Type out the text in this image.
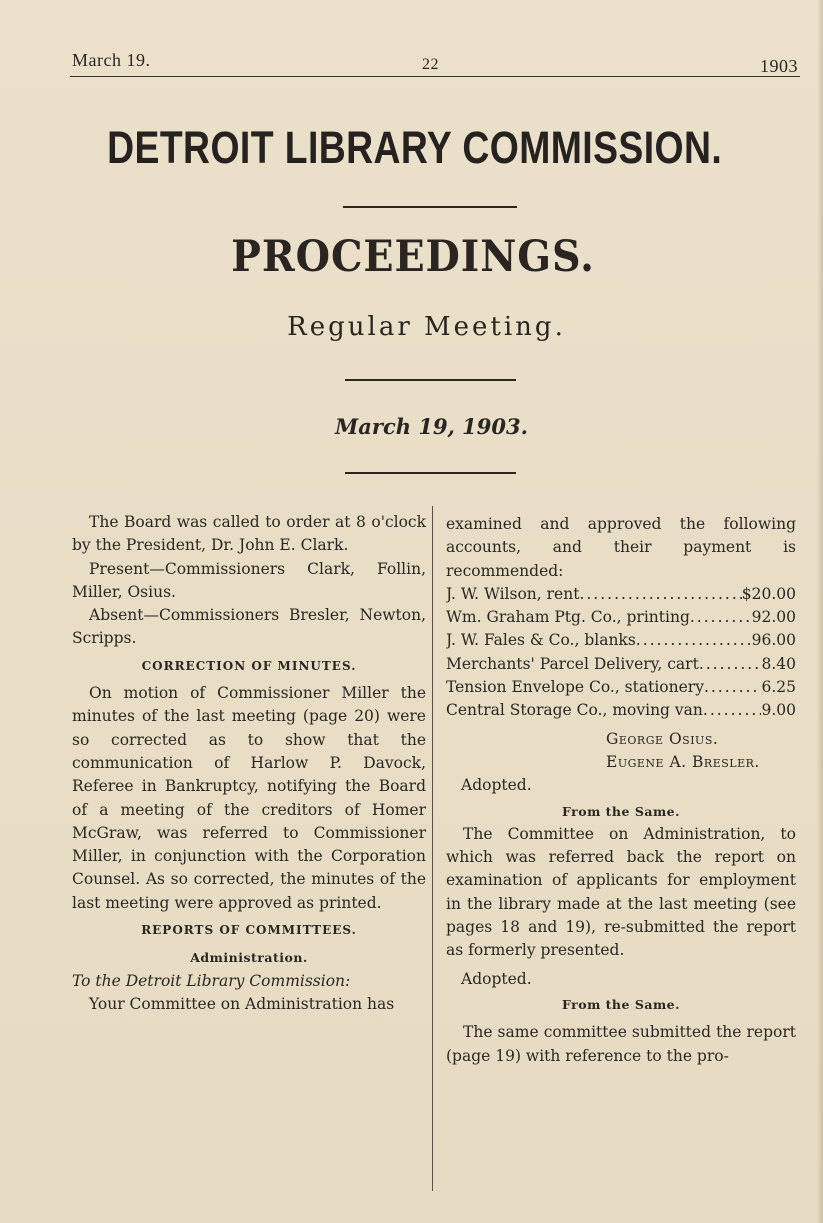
March 19.	22	1903
DETROIT LIBRARY COMMISSION.
PROCEEDINGS.
Regular Meeting.
March 19, 1903.

The Board was called to order at 8 o'clock by the President, Dr. John E. Clark.

Present—Commissioners Clark, Follin, Miller, Osius.

Absent—Commissioners Bresler, Newton, Scripps.

CORRECTION OF MINUTES.

On motion of Commissioner Miller the minutes of the last meeting (page 20) were so corrected as to show that the communication of Harlow P. Davock, Referee in Bankruptcy, notifying the Board of a meeting of the creditors of Homer McGraw, was referred to Commissioner Miller, in conjunction with the Corporation Counsel. As so corrected, the minutes of the last meeting were approved as printed.

REPORTS OF COMMITTEES.
Administration.

To the Detroit Library Commission:

Your Committee on Administration has

examined and approved the following accounts, and their payment is recommended:

J. W. Wilson, rent .....	$20.00
Wm. Graham Ptg. Co., printing .....	92.00
J. W. Fales & Co., blanks .....	96.00
Merchants' Parcel Delivery, cart .....	8.40
Tension Envelope Co., stationery .....	6.25
Central Storage Co., moving van .....	9.00
George Osius.
Eugene A. Bresler.
Adopted.
From the Same.

The Committee on Administration, to which was referred back the report on examination of applicants for employment in the library made at the last meeting (see pages 18 and 19), re-submitted the report as formerly presented.

Adopted.
From the Same.

The same committee submitted the report (page 19) with reference to the pro-
